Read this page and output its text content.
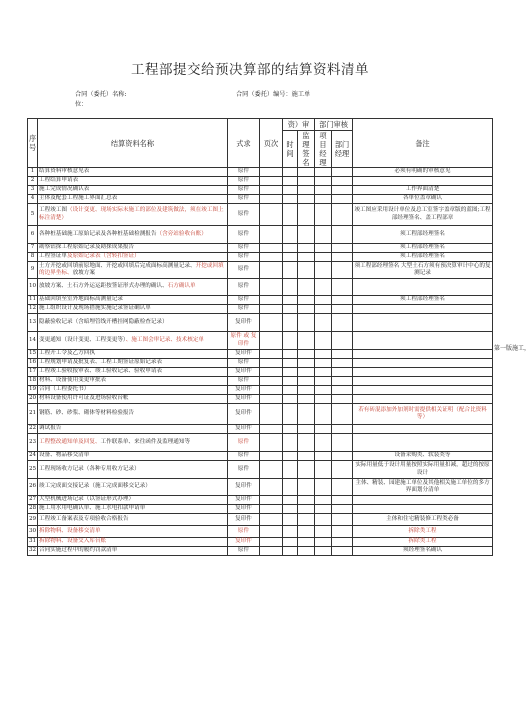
工程部提交给预决算部的结算资料清单
合同（委托）名称:
位：
合同（委托）编号：施工单
序号	结算资料名称	式求	页次	资）审		部门审核		备注
				时间	监理签名	项目经理	部门经理	
1	结算资料审核意见表	原件						必须有明确的审核意见
2	工程结算申请表	原件						
3	施工完成情况确认表	原件						工作界面清楚
4	主体及配套工程施工界面汇总表	原件						各单位盖章确认
5	工程竣工图（设计变更、现场实际未施工的部位及建筑做法，须在竣工图上标注清楚）	原件						竣工图应采用设计单位及总工室签字盖章版的蓝图;工程部经理签名、盖工程部章
6	各种桩基础施工原始记录及各种桩基础检测报告（含旁站验收台账）	原件						须工程部经理签名
7	勘察钻探工程原始记录及勘探成果报告	原件						须工程部经理签名
8	工程签证单及原始记录表（含转扣签证）	原件						须工程部经理签名
9	土方开挖或回填前原地面、开挖或回填后完成面标高测量记录、开挖或回填的边界坐标、放坡方案	原件						须工程部经理签名 大型土石方须有预决算审计中心的复测记录
10	放坡方案、土石方外运运距按签证形式办理的确认、石方确认单	原件						
11	基础回填至室外地面标高测量记录	原件						须工程部经理签名
12	施工组织设计及现场措施实施记录签证确认单	原件						
13	隐蔽验收记录（含暗埋管线开槽挂网隐蔽检查记录）	复印件						
14	变更通知（设计变更、工程变更等）、施工图会审记录、技术核定单	原件 或 复印件						
15	工程开工令及乙方回执	复印件						
16	工程规划申请及批复表、工程工期签证原始记录表	原件						
17	工程竣工验收报审表、竣工验收记录、验收申请表	复印件						
18	材料、设备使用变更审批表	原件						
19	合同（工程委托书）	复印件						
20	材料设备使用许可证及进场验收台帐	复印件						
21	钢筋、砂、砂浆、砌体等材料检验报告	复印件						若有砖混添加外加剂时需提供相关证明（配合比资料等）
22	调试报告	复印件						
23	工程整改通知单及回复、工作联系单、来往函件及监理通知等	原件						
24	设备、物品移交清单	原件						设备采购类、软装类等
25	工程现场收方记录（各种专用收方记录）	原件						实际用量低于设计用量按照实际用量扣减，超过的按原设计
26	竣工完成面交接记录（施工完成面移交记录）	复印件						主体、精装、园建施工单位及其他相关施工单位的多方界面划分清单
27	大型机械进场记录（以签证形式办理）	复印件						
28	施工用水用电确认单、施工水电扣款申请单	复印件						
29	工程竣工备案表及专项验收合格报告	复印件						主体和住宅精装修工程类必备
30	拆除物料、设备移交清单	原件						拆除类工程
31	拆除物料、设备交入库台账	复印件						拆除类工程
32	合同实施过程中的履约罚款清单	原件						须经理签名确认
第一版施工，
